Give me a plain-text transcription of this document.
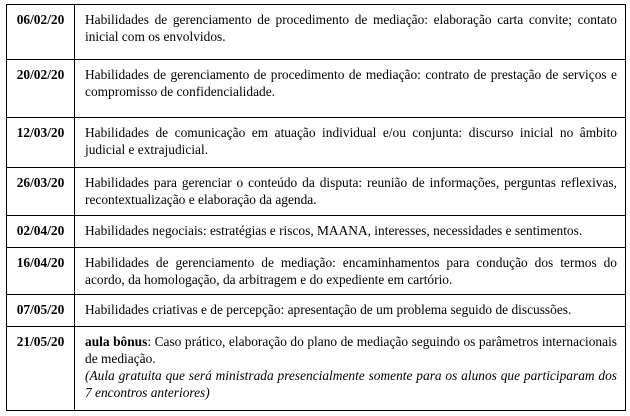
06/02/20	Habilidades de gerenciamento de procedimento de mediação: elaboração carta convite; contato inicial com os envolvidos.
20/02/20	Habilidades de gerenciamento de procedimento de mediação: contrato de prestação de serviços e compromisso de confidencialidade.
12/03/20	Habilidades de comunicação em atuação individual e/ou conjunta: discurso inicial no âmbito judicial e extrajudicial.
26/03/20	Habilidades para gerenciar o conteúdo da disputa: reunião de informações, perguntas reflexivas, recontextualização e elaboração da agenda.
02/04/20	Habilidades negociais: estratégias e riscos, MAANA, interesses, necessidades e sentimentos.
16/04/20	Habilidades de gerenciamento de mediação: encaminhamentos para condução dos termos do acordo, da homologação, da arbitragem e do expediente em cartório.
07/05/20	Habilidades criativas e de percepção: apresentação de um problema seguido de discussões.
21/05/20	aula bônus: Caso prático, elaboração do plano de mediação seguindo os parâmetros internacionais de mediação.
(Aula gratuita que será ministrada presencialmente somente para os alunos que participaram dos 7 encontros anteriores)
